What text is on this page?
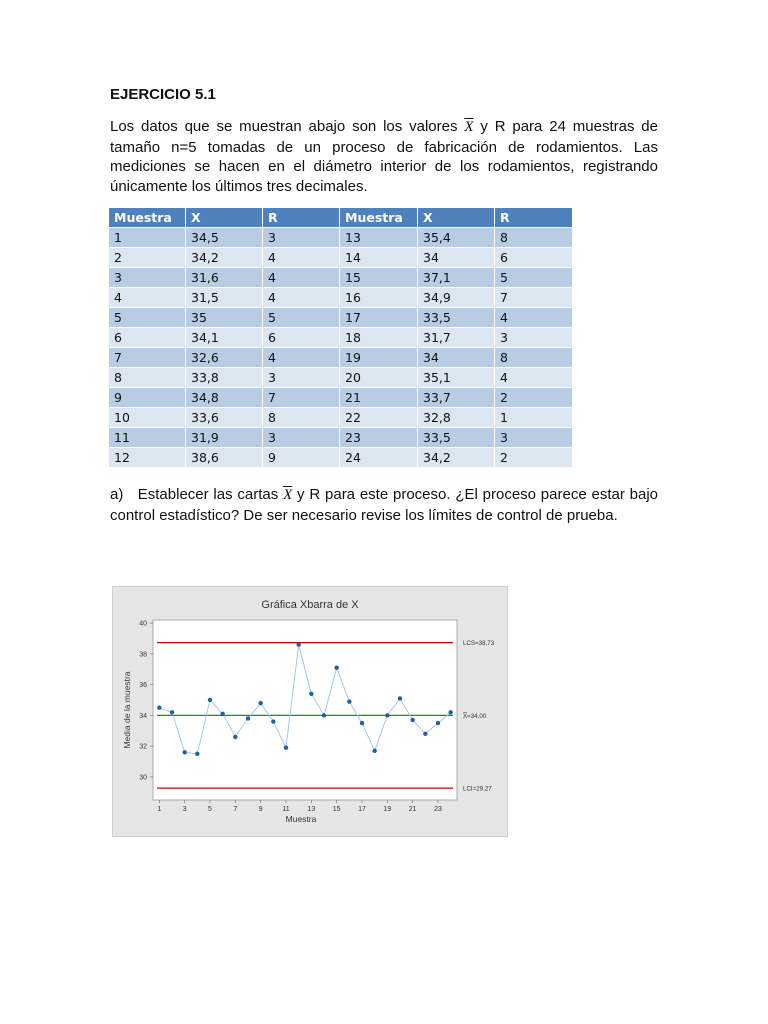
EJERCICIO 5.1
Los datos que se muestran abajo son los valores $\overline{X}$ y R para 24 muestras de tamaño n=5 tomadas de un proceso de fabricación de rodamientos. Las mediciones se hacen en el diámetro interior de los rodamientos, registrando únicamente los últimos tres decimales.
Muestra	X	R	Muestra	X	R
1	34,5	3	13	35,4	8
2	34,2	4	14	34	6
3	31,6	4	15	37,1	5
4	31,5	4	16	34,9	7
5	35	5	17	33,5	4
6	34,1	6	18	31,7	3
7	32,6	4	19	34	8
8	33,8	3	20	35,1	4
9	34,8	7	21	33,7	2
10	33,6	8	22	32,8	1
11	31,9	3	23	33,5	3
12	38,6	9	24	34,2	2
a)   Establecer las cartas $\overline{X}$ y R para este proceso. ¿El proceso parece estar bajo control estadístico? De ser necesario revise los límites de control de prueba.
Gráfica Xbarra de X
30
32
34
36
38
40
1	3	5	7	9	11	13	15	17	19	21	23
LCS=38,73
X̿=34,00
LCI=29,27
Media de la muestra
Muestra
